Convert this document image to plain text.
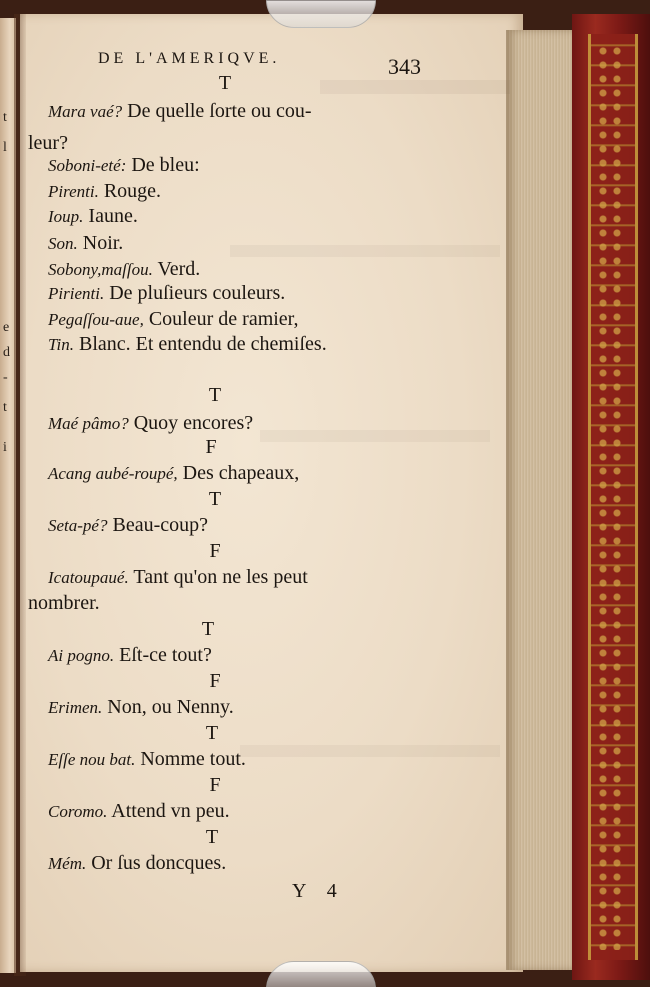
t
l
e
d
-
t
i
DE L'AMERIQVE.	343
T
Mara vaé? De quelle ſorte ou cou-
leur?
Soboni-eté: De bleu:
Pirenti. Rouge.
Ioup. Iaune.
Son. Noir.
Sobony,maſſou. Verd.
Pirienti. De pluſieurs couleurs.
Pegaſſou-aue, Couleur de ramier,
Tin. Blanc. Et entendu de chemiſes.
T
Maé pâmo? Quoy encores?
F
Acang aubé-roupé, Des chapeaux,
T
Seta-pé? Beau-coup?
F
Icatoupaué. Tant qu'on ne les peut
nombrer.
T
Ai pogno. Eſt-ce tout?
F
Erimen. Non, ou Nenny.
T
Eſſe nou bat. Nomme tout.
F
Coromo. Attend vn peu.
T
Mém. Or ſus doncques.
Y 4
